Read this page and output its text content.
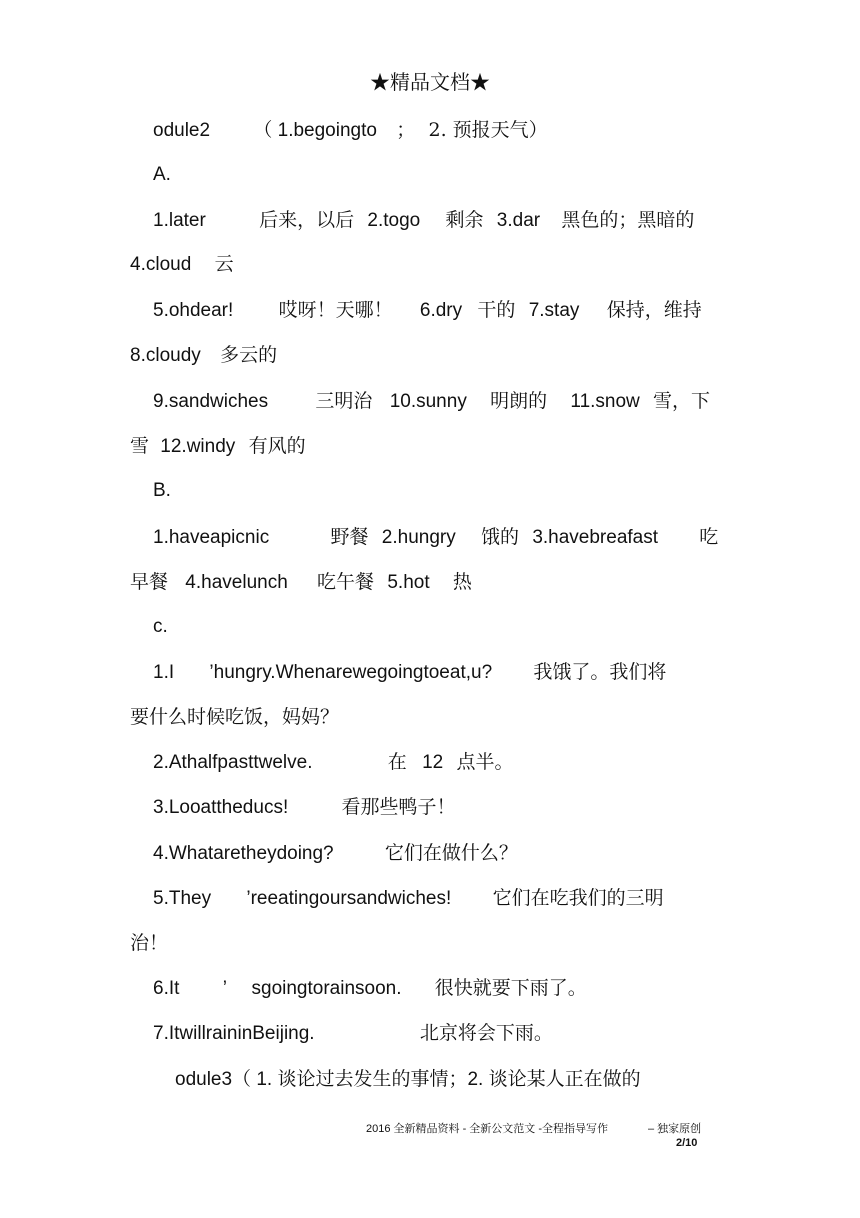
★精品文档★
odule2 （ 1.begoingto ； 2. 预报天气）
A.
1.later	后来，以后 2.togo 剩余 3.dar 黑色的；黑暗的
4.cloud 云
5.ohdear! 哎呀！天哪！ 6.dry 干的 7.stay 保持，维持
8.cloudy 多云的
9.sandwiches 三明治 10.sunny 明朗的 11.snow 雪，下
雪 12.windy 有风的
B.
1.haveapicnic	野餐 2.hungry 饿的 3.havebreafast 吃
早餐 4.havelunch 吃午餐 5.hot 热
c.
1.I ’hungry.Whenarewegoingtoeat,u? 我饿了。我们将
要什么时候吃饭，妈妈？
2.Athalfpasttwelve.	在 12 点半。
3.Looattheducs!	看那些鸭子！
4.Whataretheydoing?	它们在做什么？
5.They ’reeatingoursandwiches! 它们在吃我们的三明
治！
6.It ’ sgoingtorainsoon. 很快就要下雨了。
7.ItwillraininBeijing.	北京将会下雨。
odule3（ 1. 谈论过去发生的事情；2. 谈论某人正在做的
2016 全新精品资料 - 全新公文范文 -全程指导写作	– 独家原创
2/10
